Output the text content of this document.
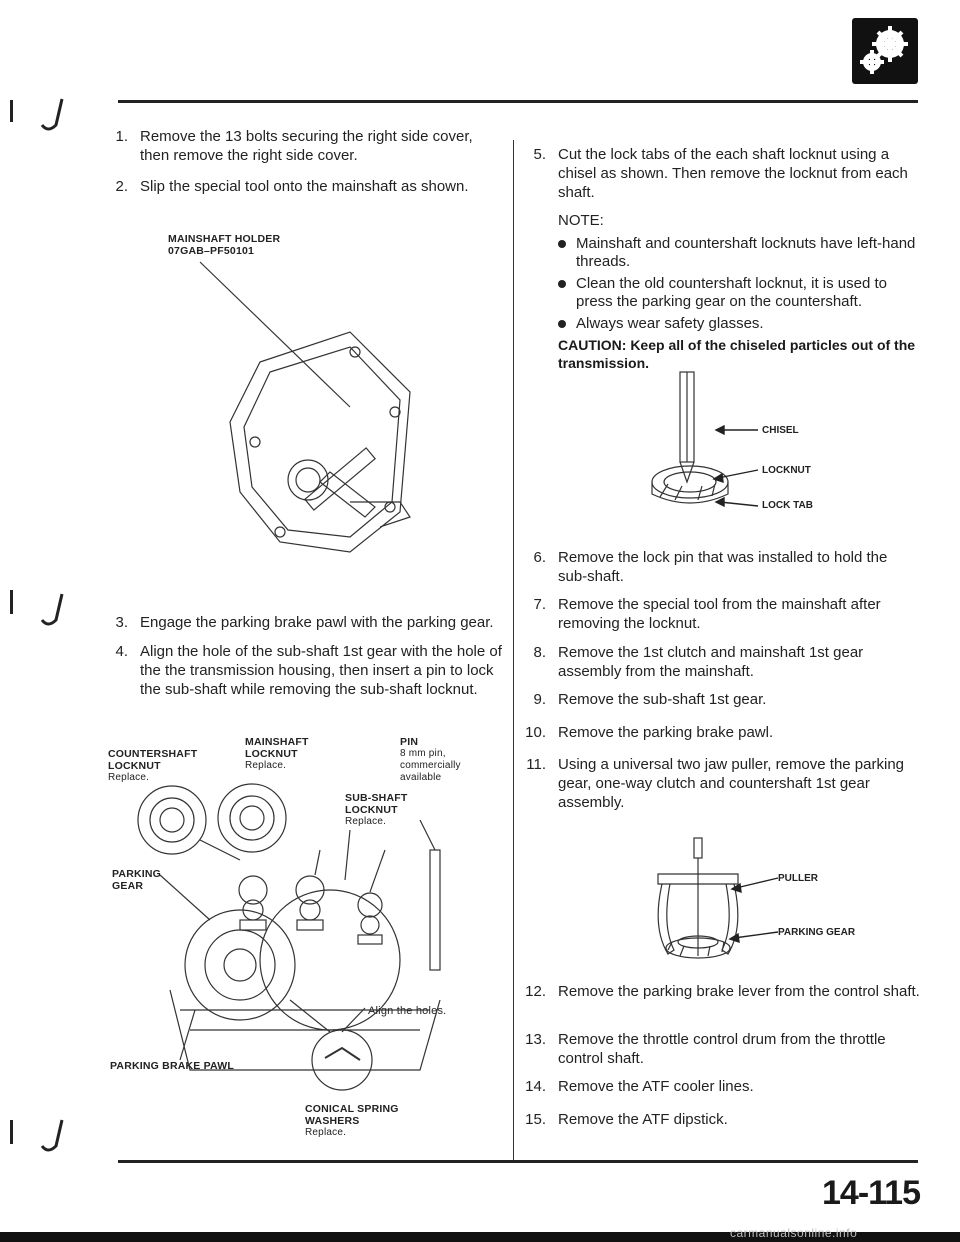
1. Remove the 13 bolts securing the right side cover, then remove the right side cover.
2. Slip the special tool onto the mainshaft as shown.
MAINSHAFT HOLDER
07GAB–PF50101
3. Engage the parking brake pawl with the parking gear.
4. Align the hole of the sub-shaft 1st gear with the hole of the the transmission housing, then insert a pin to lock the sub-shaft while removing the sub-shaft locknut.
COUNTERSHAFT LOCKNUT
Replace.
MAINSHAFT LOCKNUT
Replace.
PIN
8 mm pin, commercially available
SUB-SHAFT LOCKNUT
Replace.
PARKING GEAR
Align the holes.
PARKING BRAKE PAWL
CONICAL SPRING WASHERS
Replace.
5. Cut the lock tabs of the each shaft locknut using a chisel as shown. Then remove the locknut from each shaft.
NOTE:
Mainshaft and countershaft locknuts have left-hand threads.
Clean the old countershaft locknut, it is used to press the parking gear on the countershaft.
Always wear safety glasses.
CAUTION: Keep all of the chiseled particles out of the transmission.
CHISEL
LOCKNUT
LOCK TAB
6. Remove the lock pin that was installed to hold the sub-shaft.
7. Remove the special tool from the mainshaft after removing the locknut.
8. Remove the 1st clutch and mainshaft 1st gear assembly from the mainshaft.
9. Remove the sub-shaft 1st gear.
10. Remove the parking brake pawl.
11. Using a universal two jaw puller, remove the parking gear, one-way clutch and countershaft 1st gear assembly.
PULLER
PARKING GEAR
12. Remove the parking brake lever from the control shaft.
13. Remove the throttle control drum from the throttle control shaft.
14. Remove the ATF cooler lines.
15. Remove the ATF dipstick.
14-115
carmanualsonline.info
